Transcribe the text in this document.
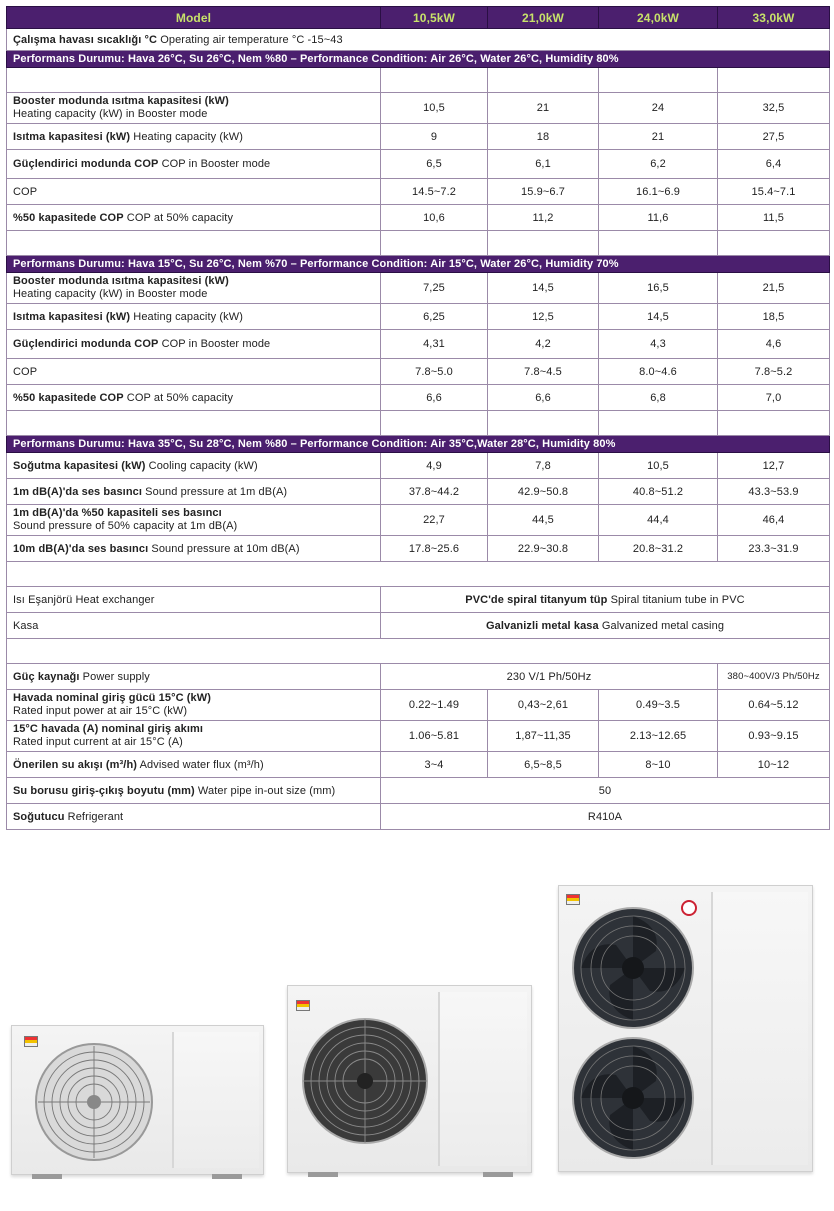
Model	10,5kW	21,0kW	24,0kW	33,0kW
Çalışma havası sıcaklığı °C Operating air temperature °C -15~43				
Performans Durumu: Hava 26°C, Su 26°C, Nem %80 – Performance Condition: Air 26°C, Water 26°C, Humidity 80%				

Booster modunda ısıtma kapasitesi (kW)
Heating capacity (kW) in Booster mode	10,5	21	24	32,5
Isıtma kapasitesi (kW) Heating capacity (kW)	9	18	21	27,5
Güçlendirici modunda COP COP in Booster mode	6,5	6,1	6,2	6,4
COP	14.5~7.2	15.9~6.7	16.1~6.9	15.4~7.1
%50 kapasitede COP COP at 50% capacity	10,6	11,2	11,6	11,5

Performans Durumu: Hava 15°C, Su 26°C, Nem %70 – Performance Condition: Air 15°C, Water 26°C, Humidity 70%				

Booster modunda ısıtma kapasitesi (kW)
Heating capacity (kW) in Booster mode	7,25	14,5	16,5	21,5
Isıtma kapasitesi (kW) Heating capacity (kW)	6,25	12,5	14,5	18,5
Güçlendirici modunda COP COP in Booster mode	4,31	4,2	4,3	4,6
COP	7.8~5.0	7.8~4.5	8.0~4.6	7.8~5.2
%50 kapasitede COP COP at 50% capacity	6,6	6,6	6,8	7,0

Performans Durumu: Hava 35°C, Su 28°C, Nem %80 – Performance Condition: Air 35°C,Water 28°C, Humidity 80%				
Soğutma kapasitesi (kW) Cooling capacity (kW)	4,9	7,8	10,5	12,7
1m dB(A)'da ses basıncı Sound pressure at 1m dB(A)	37.8~44.2	42.9~50.8	40.8~51.2	43.3~53.9

1m dB(A)'da %50 kapasiteli ses basıncı
Sound pressure of 50% capacity at 1m dB(A)	22,7	44,5	44,4	46,4
10m dB(A)'da ses basıncı Sound pressure at 10m dB(A)	17.8~25.6	22.9~30.8	20.8~31.2	23.3~31.9

Isı Eşanjörü Heat exchanger	PVC'de spiral titanyum tüp Spiral titanium tube in PVC			
Kasa	Galvanizli metal kasa Galvanized metal casing			

Güç kaynağı Power supply	230 V/1 Ph/50Hz			380~400V/3 Ph/50Hz

Havada nominal giriş gücü 15°C (kW)
Rated input power at air 15°C (kW)	0.22~1.49	0,43~2,61	0.49~3.5	0.64~5.12

15°C havada (A) nominal giriş akımı
Rated input current at air 15°C (A)	1.06~5.81	1,87~11,35	2.13~12.65	0.93~9.15
Önerilen su akışı (m³/h) Advised water flux (m³/h)	3~4	6,5~8,5	8~10	10~12
Su borusu giriş-çıkış boyutu (mm) Water pipe in-out size (mm)	50			
Soğutucu Refrigerant	R410A			
